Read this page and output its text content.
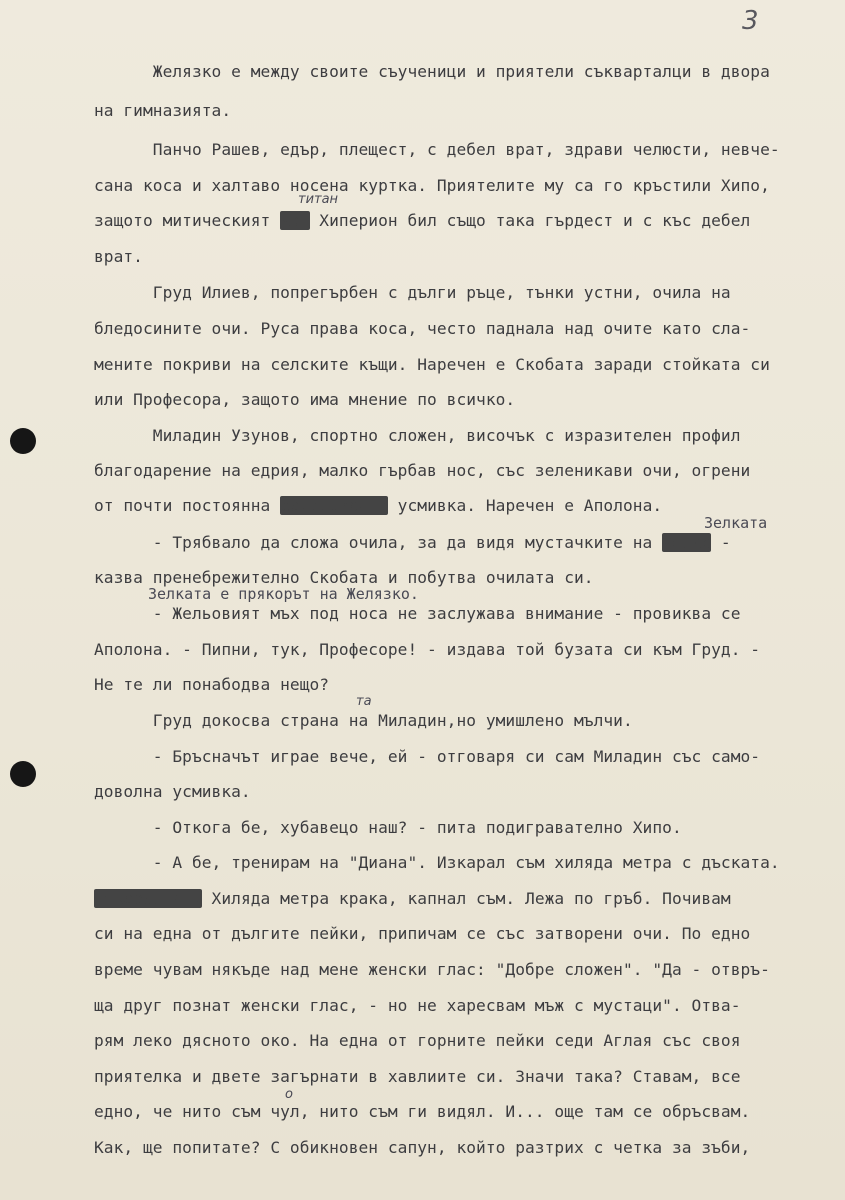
3
Желязко е между своите съученици и приятели съкварталци в двора
на гимназията.
Панчо Рашев, едър, плещест, с дебел врат, здрави челюсти, невче-
сана коса и халтаво носена куртка. Приятелите му са го кръстили Хипо,
титан
защото митическият кон Хиперион бил също така гърдест и с къс дебел
врат.
Груд Илиев, попрегърбен с дълги ръце, тънки устни, очила на
бледосините очи. Руса права коса, често паднала над очите като сла-
мените покриви на селските къщи. Наречен е Скобата заради стойката си
или Професора, защото има мнение по всичко.
Миладин Узунов, спортно сложен, височък с изразителен профил
благодарение на едрия, малко гърбав нос, със зеленикави очи, огрени
от почти постоянна самодоволна усмивка. Наречен е Аполона.
Зелката
- Трябвало да сложа очила, за да видя мустачките на Желко -
казва пренебрежително Скобата и побутва очилата си.
Зелката е прякорът на Желязко.
- Жельовият мъх под носа не заслужава внимание - провиква се
Аполона. - Пипни, тук, Професоре! - издава той бузата си към Груд. -
Не те ли понабодва нещо?
та
Груд докосва страна на Миладин,но умишлено мълчи.
- Бръсначът играе вече, ей - отговаря си сам Миладин със само-
доволна усмивка.
- Откога бе, хубавецо наш? - пита подигравателно Хипо.
- А бе, тренирам на "Диана". Изкарал съм хиляда метра с дъската.
Накарал съм Хиляда метра крака, капнал съм. Лежа по гръб. Почивам
си на една от дългите пейки, припичам се със затворени очи. По едно
време чувам някъде над мене женски глас: "Добре сложен". "Да - отвръ-
ща друг познат женски глас, - но не харесвам мъж с мустаци". Отва-
рям леко дясното око. На една от горните пейки седи Аглая със своя
приятелка и двете загърнати в хавлиите си. Значи така? Ставам, все
о
едно, че нито съм чул, нито съм ги видял. И... още там се обръсвам.
Как, ще попитате? С обикновен сапун, който разтрих с четка за зъби,
